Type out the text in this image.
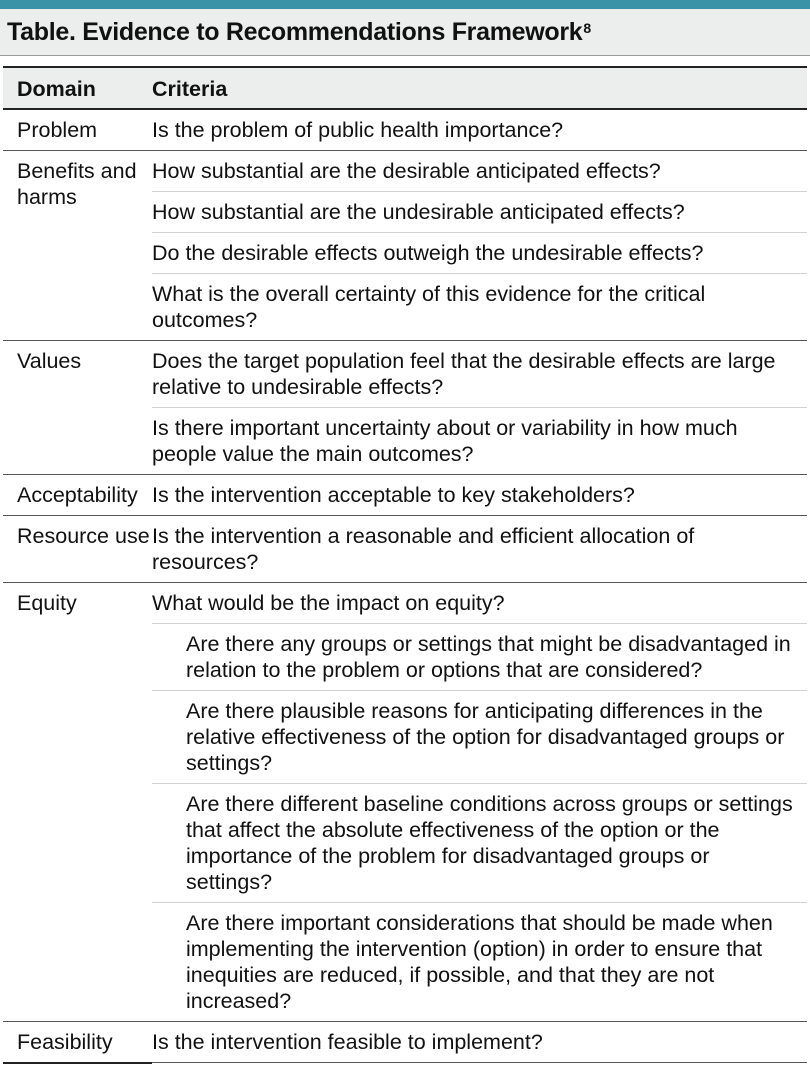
Table. Evidence to Recommendations Framework$^8$
Domain	Criteria
Problem	Is the problem of public health importance?
Benefits and harms	How substantial are the desirable anticipated effects?
	How substantial are the undesirable anticipated effects?
	Do the desirable effects outweigh the undesirable effects?
	What is the overall certainty of this evidence for the critical outcomes?
Values	Does the target population feel that the desirable effects are large relative to undesirable effects?
	Is there important uncertainty about or variability in how much people value the main outcomes?
Acceptability	Is the intervention acceptable to key stakeholders?
Resource use	Is the intervention a reasonable and efficient allocation of resources?
Equity	What would be the impact on equity?
	Are there any groups or settings that might be disadvantaged in relation to the problem or options that are considered?
	Are there plausible reasons for anticipating differences in the relative effectiveness of the option for disadvantaged groups or settings?
	Are there different baseline conditions across groups or settings that affect the absolute effectiveness of the option or the importance of the problem for disadvantaged groups or settings?
	Are there important considerations that should be made when implementing the intervention (option) in order to ensure that inequities are reduced, if possible, and that they are not increased?
Feasibility	Is the intervention feasible to implement?
